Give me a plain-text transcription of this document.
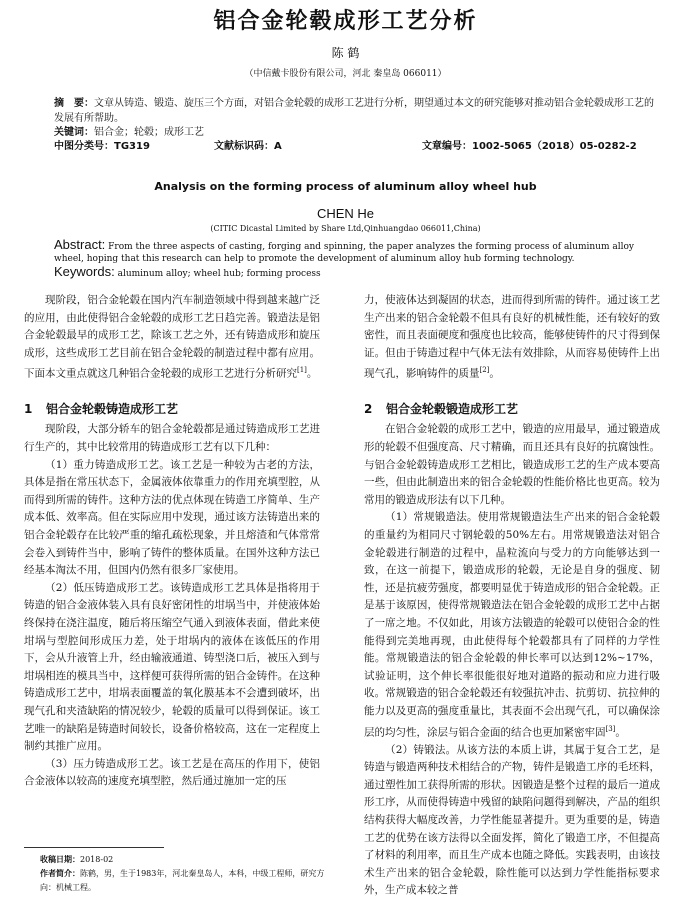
铝合金轮毂成形工艺分析
陈 鹤
（中信戴卡股份有限公司，河北 秦皇岛 066011）
摘　要：文章从铸造、锻造、旋压三个方面，对铝合金轮毂的成形工艺进行分析，期望通过本文的研究能够对推动铝合金轮毂成形工艺的发展有所帮助。
关键词：铝合金；轮毂；成形工艺
中图分类号：TG319	文献标识码：A	文章编号：1002-5065（2018）05-0282-2
Analysis on the forming process of aluminum alloy wheel hub
CHEN He
(CITIC Dicastal Limited by Share Ltd,Qinhuangdao 066011,China)
Abstract: From the three aspects of casting, forging and spinning, the paper analyzes the forming process of aluminum alloy wheel, hoping that this research can help to promote the development of aluminum alloy hub forming technology.
Keywords: aluminum alloy; wheel hub; forming process

现阶段，铝合金轮毂在国内汽车制造领域中得到越来越广泛的应用，由此使得铝合金轮毂的成形工艺日趋完善。锻造法是铝合金轮毂最早的成形工艺，除该工艺之外，还有铸造成形和旋压成形，这些成形工艺目前在铝合金轮毂的制造过程中都有应用。下面本文重点就这几种铝合金轮毂的成形工艺进行分析研究[1]。

1 铝合金轮毂铸造成形工艺

现阶段，大部分轿车的铝合金轮毂都是通过铸造成形工艺进行生产的，其中比较常用的铸造成形工艺有以下几种：

（1）重力铸造成形工艺。该工艺是一种较为古老的方法，具体是指在常压状态下，金属液体依靠重力的作用充填型腔，从而得到所需的铸件。这种方法的优点体现在铸造工序简单、生产成本低、效率高。但在实际应用中发现，通过该方法铸造出来的铝合金轮毂存在比较严重的缩孔疏松现象，并且熔渣和气体常常会卷入到铸件当中，影响了铸件的整体质量。在国外这种方法已经基本淘汰不用，但国内仍然有很多厂家使用。

（2）低压铸造成形工艺。该铸造成形工艺具体是指将用于铸造的铝合金液体装入具有良好密闭性的坩埚当中，并使液体始终保持在浇注温度，随后将压缩空气通入到液体表面，借此来使坩埚与型腔间形成压力差，处于坩埚内的液体在该低压的作用下，会从升液管上升，经由输液通道、铸型浇口后，被压入到与坩埚相连的模具当中，这样便可获得所需的铝合金铸件。在这种铸造成形工艺中，坩埚表面覆盖的氧化膜基本不会遭到破坏，出现气孔和夹渣缺陷的情况较少，轮毂的质量可以得到保证。该工艺唯一的缺陷是铸造时间较长，设备价格较高，这在一定程度上制约其推广应用。

（3）压力铸造成形工艺。该工艺是在高压的作用下，使铝合金液体以较高的速度充填型腔，然后通过施加一定的压

力，使液体达到凝固的状态，进而得到所需的铸件。通过该工艺生产出来的铝合金轮毂不但具有良好的机械性能，还有较好的致密性，而且表面硬度和强度也比较高，能够使铸件的尺寸得到保证。但由于铸造过程中气体无法有效排除，从而容易使铸件上出现气孔，影响铸件的质量[2]。

2 铝合金轮毂锻造成形工艺

在铝合金轮毂的成形工艺中，锻造的应用最早，通过锻造成形的轮毂不但强度高、尺寸精确，而且还具有良好的抗腐蚀性。与铝合金轮毂铸造成形工艺相比，锻造成形工艺的生产成本要高一些，但由此制造出来的铝合金轮毂的性能价格比也更高。较为常用的锻造成形法有以下几种。

（1）常规锻造法。使用常规锻造法生产出来的铝合金轮毂的重量约为相同尺寸钢轮毂的50%左右。用常规锻造法对铝合金轮毂进行制造的过程中，晶粒流向与受力的方向能够达到一致，在这一前提下，锻造成形的轮毂，无论是自身的强度、韧性，还是抗疲劳强度，都要明显优于铸造成形的铝合金轮毂。正是基于该原因，使得常规锻造法在铝合金轮毂的成形工艺中占据了一席之地。不仅如此，用该方法锻造的轮毂可以使铝合金的性能得到完美地再现，由此使得每个轮毂都具有了同样的力学性能。常规锻造法的铝合金轮毂的伸长率可以达到12%~17%，试验证明，这个伸长率很能很好地对道路的振动和应力进行吸收。常规锻造的铝合金轮毂还有较强抗冲击、抗剪切、抗拉伸的能力以及更高的强度重量比，其表面不会出现气孔，可以确保涂层的均匀性，涂层与铝合金面的结合也更加紧密牢固[3]。

（2）铸锻法。从该方法的本质上讲，其属于复合工艺，是铸造与锻造两种技术相结合的产物，铸件是锻造工序的毛坯料，通过塑性加工获得所需的形状。因锻造是整个过程的最后一道成形工序，从而使得铸造中残留的缺陷问题得到解决，产品的组织结构获得大幅度改善，力学性能显著提升。更为重要的是，铸造工艺的优势在该方法得以全面发挥，简化了锻造工序，不但提高了材料的利用率，而且生产成本也随之降低。实践表明，由该技术生产出来的铝合金轮毂，除性能可以达到力学性能指标要求外，生产成本较之普

收稿日期：2018-02
作者简介：陈鹤，男，生于1983年，河北秦皇岛人，本科，中级工程师，研究方向：机械工程。
